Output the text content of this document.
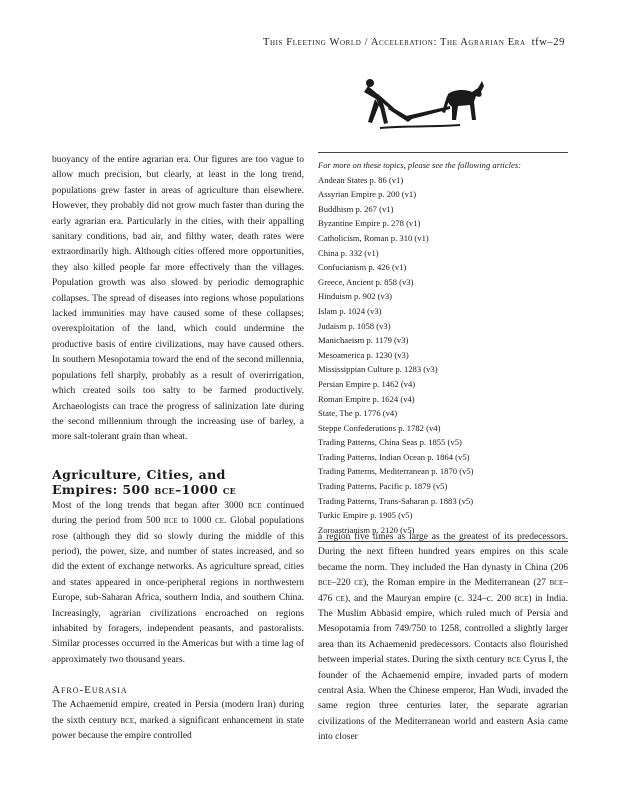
This Fleeting World / Acceleration: The Agrarian Era tfw–29

buoyancy of the entire agrarian era. Our figures are too vague to allow much precision, but clearly, at least in the long trend, populations grew faster in areas of agriculture than elsewhere. However, they probably did not grow much faster than during the early agrarian era. Particularly in the cities, with their appalling sanitary conditions, bad air, and filthy water, death rates were extraordinarily high. Although cities offered more opportunities, they also killed people far more effectively than the villages. Population growth was also slowed by periodic demographic collapses. The spread of diseases into regions whose populations lacked immunities may have caused some of these collapses; overexploitation of the land, which could undermine the productive basis of entire civilizations, may have caused others. In southern Mesopotamia toward the end of the second millennia, populations fell sharply, probably as a result of overirrigation, which created soils too salty to be farmed productively. Archaeologists can trace the progress of salinization late during the second millennium through the increasing use of barley, a more salt-tolerant grain than wheat.

Agriculture, Cities, and
Empires: 500 bce–1000 ce

Most of the long trends that began after 3000 bce continued during the period from 500 bce to 1000 ce. Global populations rose (although they did so slowly during the middle of this period), the power, size, and number of states increased, and so did the extent of exchange networks. As agriculture spread, cities and states appeared in once-peripheral regions in northwestern Europe, sub-Saharan Africa, southern India, and southern China. Increasingly, agrarian civilizations encroached on regions inhabited by foragers, independent peasants, and pastoralists. Similar processes occurred in the Americas but with a time lag of approximately two thousand years.

Afro-Eurasia

The Achaemenid empire, created in Persia (modern Iran) during the sixth century bce, marked a significant enhancement in state power because the empire controlled

For more on these topics, please see the following articles:
Andean States p. 86 (v1)
Assyrian Empire p. 200 (v1)
Buddhism p. 267 (v1)
Byzantine Empire p. 278 (v1)
Catholicism, Roman p. 310 (v1)
China p. 332 (v1)
Confucianism p. 426 (v1)
Greece, Ancient p. 858 (v3)
Hinduism p. 902 (v3)
Islam p. 1024 (v3)
Judaism p. 1058 (v3)
Manichaeism p. 1179 (v3)
Mesoamerica p. 1230 (v3)
Mississippian Culture p. 1283 (v3)
Persian Empire p. 1462 (v4)
Roman Empire p. 1624 (v4)
State, The p. 1776 (v4)
Steppe Confederations p. 1782 (v4)
Trading Patterns, China Seas p. 1855 (v5)
Trading Patterns, Indian Ocean p. 1864 (v5)
Trading Patterns, Mediterranean p. 1870 (v5)
Trading Patterns, Pacific p. 1879 (v5)
Trading Patterns, Trans-Saharan p. 1883 (v5)
Turkic Empire p. 1905 (v5)
Zoroastrianism p. 2120 (v5)

a region five times as large as the greatest of its predecessors. During the next fifteen hundred years empires on this scale became the norm. They included the Han dynasty in China (206 bce–220 ce), the Roman empire in the Mediterranean (27 bce–476 ce), and the Mauryan empire (c. 324–c. 200 bce) in India. The Muslim Abbasid empire, which ruled much of Persia and Mesopotamia from 749/750 to 1258, controlled a slightly larger area than its Achaemenid predecessors. Contacts also flourished between imperial states. During the sixth century bce Cyrus I, the founder of the Achaemenid empire, invaded parts of modern central Asia. When the Chinese emperor, Han Wudi, invaded the same region three centuries later, the separate agrarian civilizations of the Mediterranean world and eastern Asia came into closer
